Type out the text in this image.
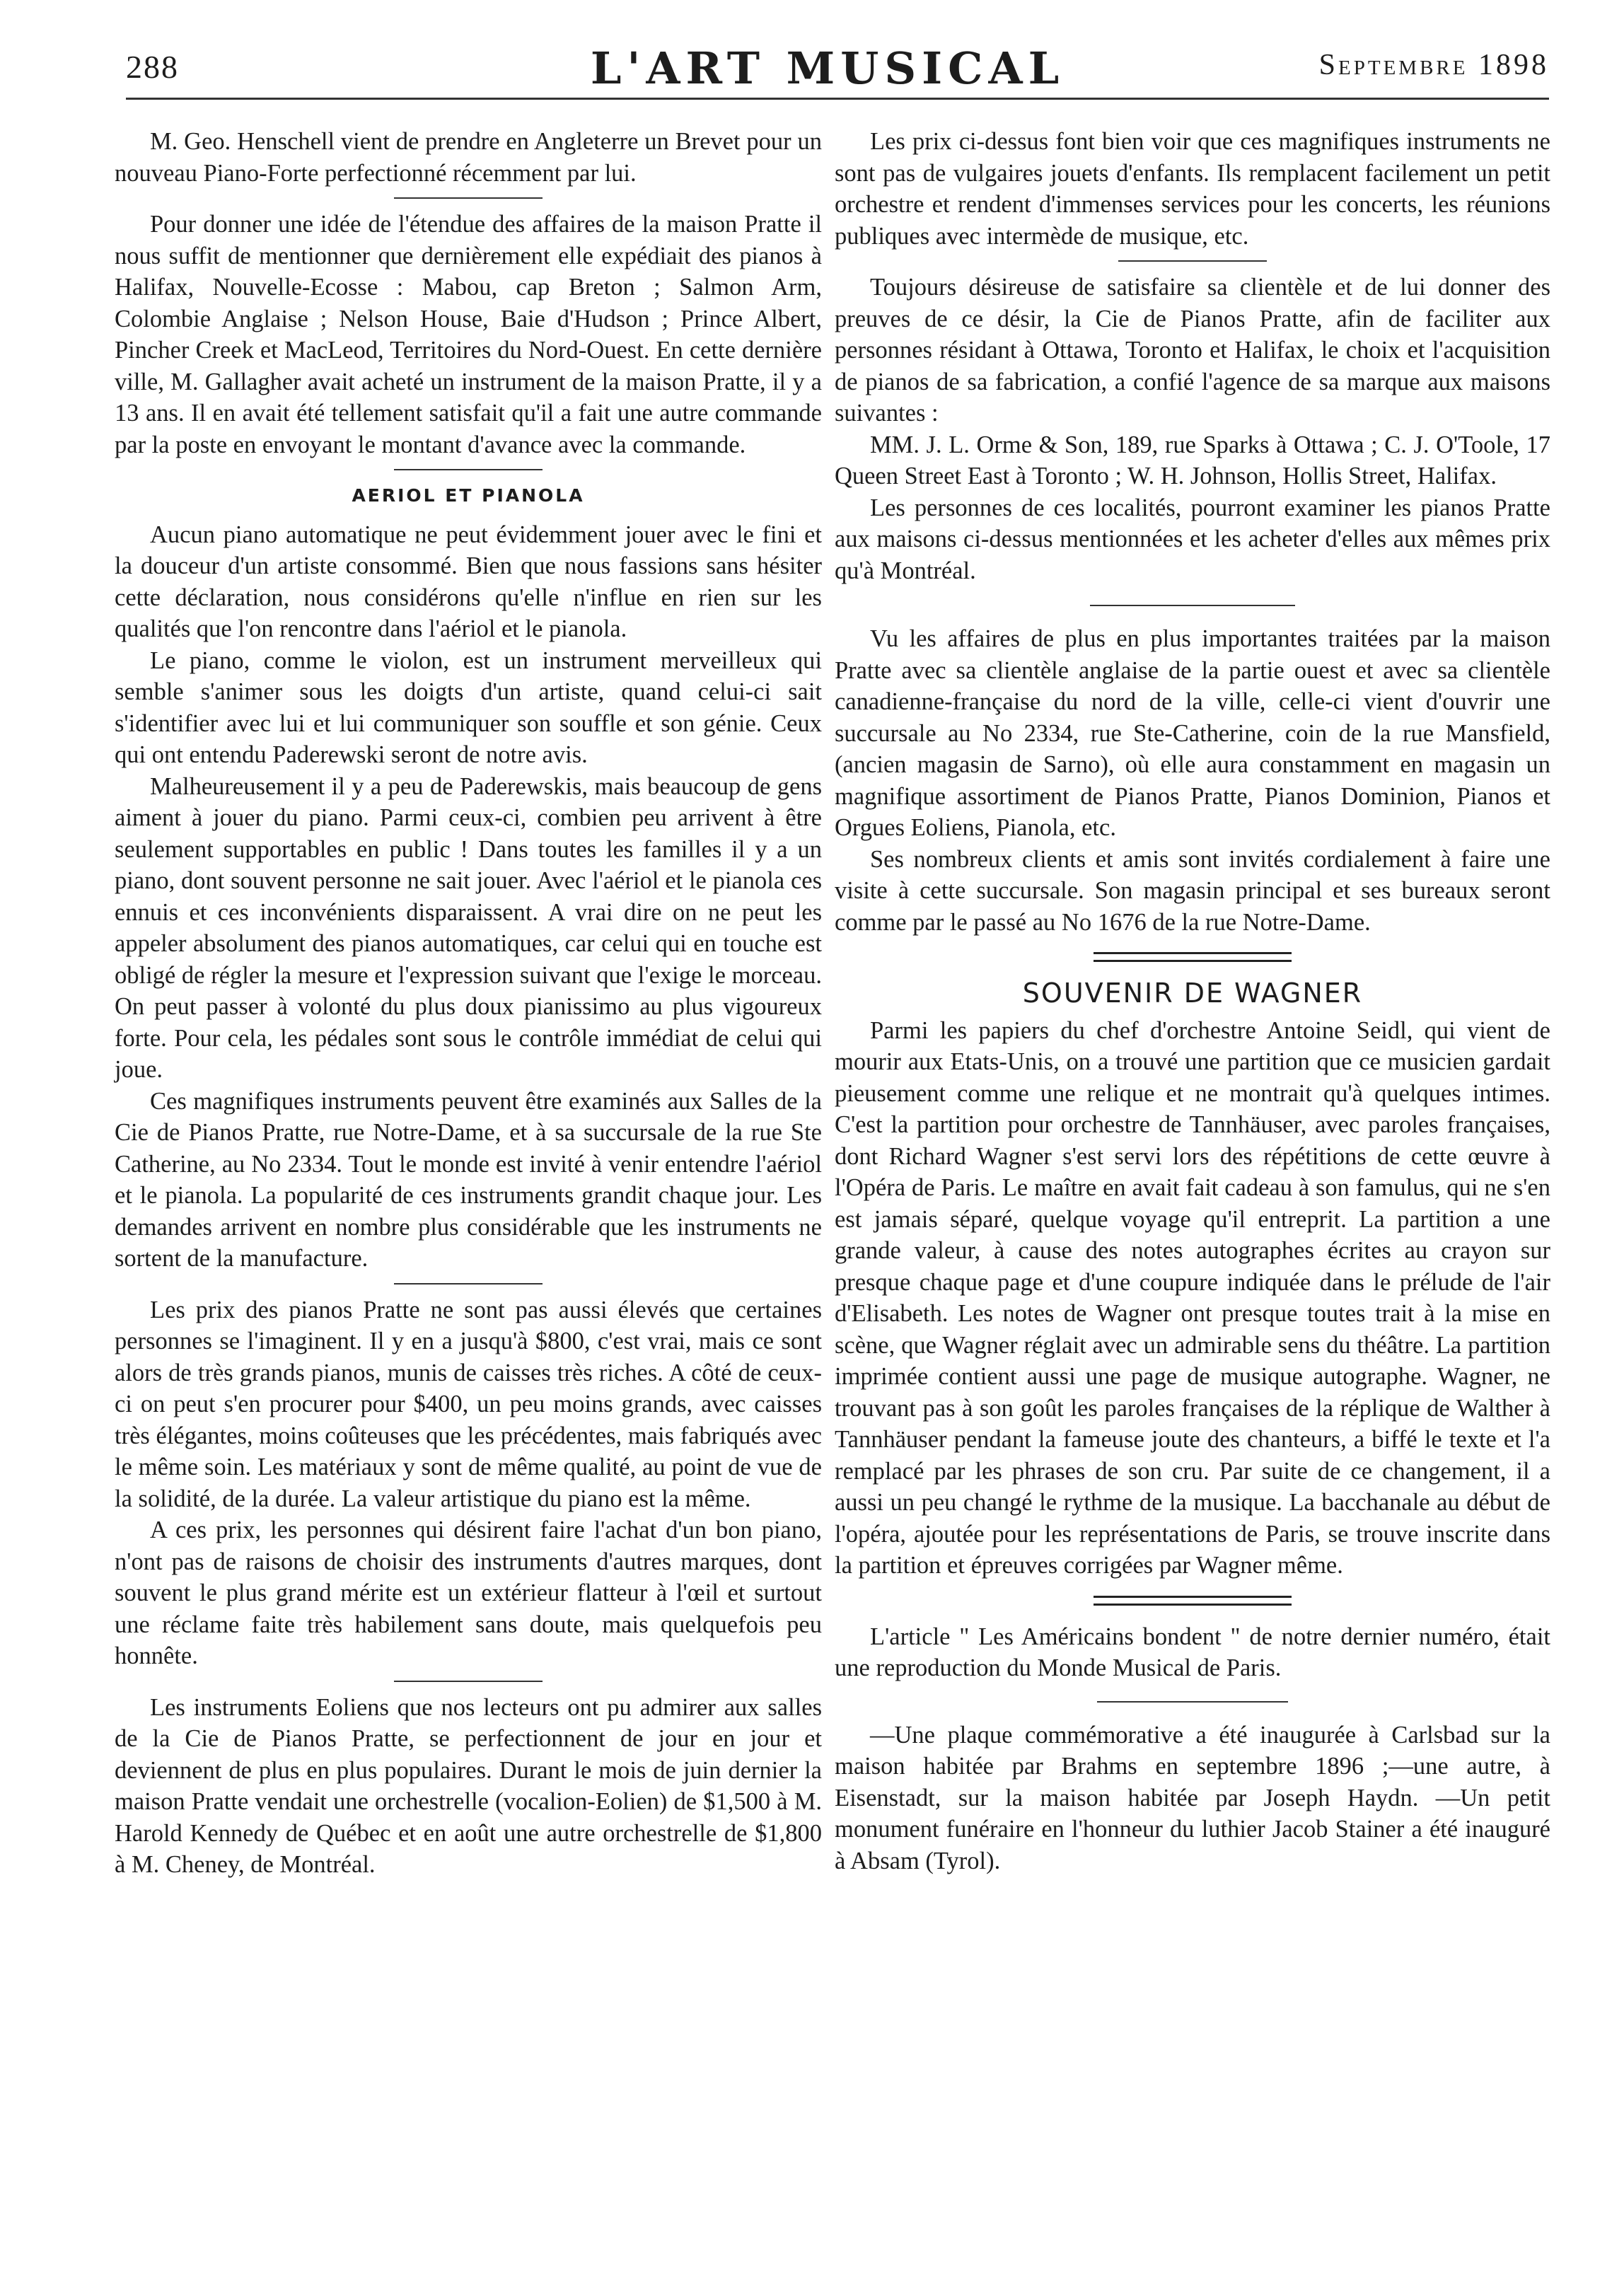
288	L'ART MUSICAL	Septembre 1898

M. Geo. Henschell vient de prendre en Angleterre un Brevet pour un nouveau Piano-Forte perfectionné récemment par lui.

Pour donner une idée de l'étendue des affaires de la maison Pratte il nous suffit de mentionner que dernièrement elle expédiait des pianos à Halifax, Nouvelle-Ecosse : Mabou, cap Breton ; Salmon Arm, Colombie Anglaise ; Nelson House, Baie d'Hudson ; Prince Albert, Pincher Creek et MacLeod, Territoires du Nord-Ouest. En cette dernière ville, M. Gallagher avait acheté un instrument de la maison Pratte, il y a 13 ans. Il en avait été tellement satisfait qu'il a fait une autre commande par la poste en envoyant le montant d'avance avec la commande.

AERIOL ET PIANOLA

Aucun piano automatique ne peut évidemment jouer avec le fini et la douceur d'un artiste consommé. Bien que nous fassions sans hésiter cette déclaration, nous considérons qu'elle n'influe en rien sur les qualités que l'on rencontre dans l'aériol et le pianola.

Le piano, comme le violon, est un instrument merveilleux qui semble s'animer sous les doigts d'un artiste, quand celui-ci sait s'identifier avec lui et lui communiquer son souffle et son génie. Ceux qui ont entendu Paderewski seront de notre avis.

Malheureusement il y a peu de Paderewskis, mais beaucoup de gens aiment à jouer du piano. Parmi ceux-ci, combien peu arrivent à être seulement supportables en public ! Dans toutes les familles il y a un piano, dont souvent personne ne sait jouer. Avec l'aériol et le pianola ces ennuis et ces inconvénients disparaissent. A vrai dire on ne peut les appeler absolument des pianos automatiques, car celui qui en touche est obligé de régler la mesure et l'expression suivant que l'exige le morceau. On peut passer à volonté du plus doux pianissimo au plus vigoureux forte. Pour cela, les pédales sont sous le contrôle immédiat de celui qui joue.

Ces magnifiques instruments peuvent être examinés aux Salles de la Cie de Pianos Pratte, rue Notre-Dame, et à sa succursale de la rue Ste Catherine, au No 2334. Tout le monde est invité à venir entendre l'aériol et le pianola. La popularité de ces instruments grandit chaque jour. Les demandes arrivent en nombre plus considérable que les instruments ne sortent de la manufacture.

Les prix des pianos Pratte ne sont pas aussi élevés que certaines personnes se l'imaginent. Il y en a jusqu'à $800, c'est vrai, mais ce sont alors de très grands pianos, munis de caisses très riches. A côté de ceux-ci on peut s'en procurer pour $400, un peu moins grands, avec caisses très élégantes, moins coûteuses que les précédentes, mais fabriqués avec le même soin. Les matériaux y sont de même qualité, au point de vue de la solidité, de la durée. La valeur artistique du piano est la même.

A ces prix, les personnes qui désirent faire l'achat d'un bon piano, n'ont pas de raisons de choisir des instruments d'autres marques, dont souvent le plus grand mérite est un extérieur flatteur à l'œil et surtout une réclame faite très habilement sans doute, mais quelquefois peu honnête.

Les instruments Eoliens que nos lecteurs ont pu admirer aux salles de la Cie de Pianos Pratte, se perfectionnent de jour en jour et deviennent de plus en plus populaires. Durant le mois de juin dernier la maison Pratte vendait une orchestrelle (vocalion-Eolien) de $1,500 à M. Harold Kennedy de Québec et en août une autre orchestrelle de $1,800 à M. Cheney, de Montréal.

Les prix ci-dessus font bien voir que ces magnifiques instruments ne sont pas de vulgaires jouets d'enfants. Ils remplacent facilement un petit orchestre et rendent d'immenses services pour les concerts, les réunions publiques avec intermède de musique, etc.

Toujours désireuse de satisfaire sa clientèle et de lui donner des preuves de ce désir, la Cie de Pianos Pratte, afin de faciliter aux personnes résidant à Ottawa, Toronto et Halifax, le choix et l'acquisition de pianos de sa fabrication, a confié l'agence de sa marque aux maisons suivantes :

MM. J. L. Orme & Son, 189, rue Sparks à Ottawa ; C. J. O'Toole, 17 Queen Street East à Toronto ; W. H. Johnson, Hollis Street, Halifax.

Les personnes de ces localités, pourront examiner les pianos Pratte aux maisons ci-dessus mentionnées et les acheter d'elles aux mêmes prix qu'à Montréal.

Vu les affaires de plus en plus importantes traitées par la maison Pratte avec sa clientèle anglaise de la partie ouest et avec sa clientèle canadienne-française du nord de la ville, celle-ci vient d'ouvrir une succursale au No 2334, rue Ste-Catherine, coin de la rue Mansfield, (ancien magasin de Sarno), où elle aura constamment en magasin un magnifique assortiment de Pianos Pratte, Pianos Dominion, Pianos et Orgues Eoliens, Pianola, etc.

Ses nombreux clients et amis sont invités cordialement à faire une visite à cette succursale. Son magasin principal et ses bureaux seront comme par le passé au No 1676 de la rue Notre-Dame.

SOUVENIR DE WAGNER

Parmi les papiers du chef d'orchestre Antoine Seidl, qui vient de mourir aux Etats-Unis, on a trouvé une partition que ce musicien gardait pieusement comme une relique et ne montrait qu'à quelques intimes. C'est la partition pour orchestre de Tannhäuser, avec paroles françaises, dont Richard Wagner s'est servi lors des répétitions de cette œuvre à l'Opéra de Paris. Le maître en avait fait cadeau à son famulus, qui ne s'en est jamais séparé, quelque voyage qu'il entreprit. La partition a une grande valeur, à cause des notes autographes écrites au crayon sur presque chaque page et d'une coupure indiquée dans le prélude de l'air d'Elisabeth. Les notes de Wagner ont presque toutes trait à la mise en scène, que Wagner réglait avec un admirable sens du théâtre. La partition imprimée contient aussi une page de musique autographe. Wagner, ne trouvant pas à son goût les paroles françaises de la réplique de Walther à Tannhäuser pendant la fameuse joute des chanteurs, a biffé le texte et l'a remplacé par les phrases de son cru. Par suite de ce changement, il a aussi un peu changé le rythme de la musique. La bacchanale au début de l'opéra, ajoutée pour les représentations de Paris, se trouve inscrite dans la partition et épreuves corrigées par Wagner même.

L'article " Les Américains bondent " de notre dernier numéro, était une reproduction du Monde Musical de Paris.

—Une plaque commémorative a été inaugurée à Carlsbad sur la maison habitée par Brahms en septembre 1896 ;—une autre, à Eisenstadt, sur la maison habitée par Joseph Haydn. —Un petit monument funéraire en l'honneur du luthier Jacob Stainer a été inauguré à Absam (Tyrol).
